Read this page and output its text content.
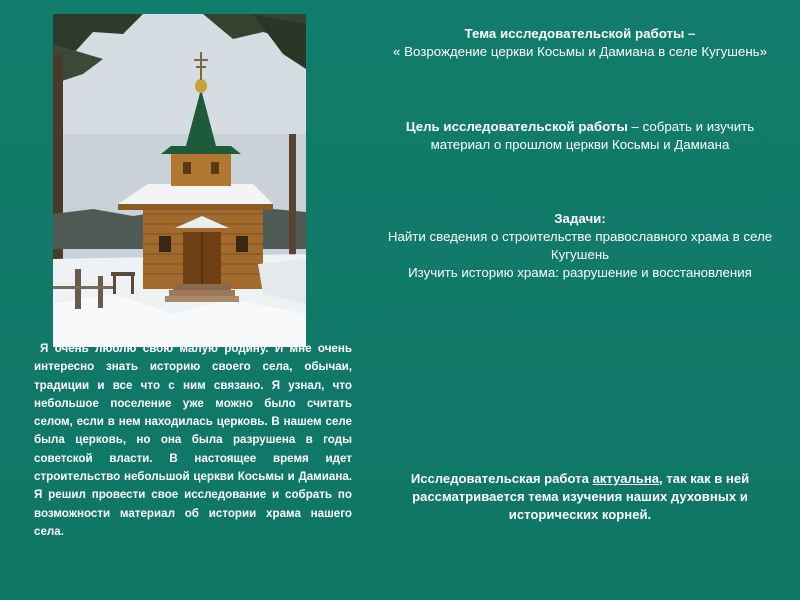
Я очень люблю свою малую родину. И мне очень интересно знать историю своего села, обычаи, традиции и все что с ним связано. Я узнал, что небольшое поселение уже можно было считать селом, если в нем находилась церковь. В нашем селе была церковь, но она была разрушена в годы советской власти. В настоящее время идет строительство небольшой церкви Косьмы и Дамиана. Я решил провести свое исследование и собрать по возможности материал об истории храма нашего села.
Тема исследовательской работы –
« Возрождение церкви Косьмы и Дамиана в селе Кугушень»
Цель исследовательской работы – собрать и изучить материал о прошлом церкви Косьмы и Дамиана
Задачи:
Найти сведения о строительстве православного храма в селе Кугушень
Изучить историю храма: разрушение и восстановления
Исследовательская работа актуальна, так как в ней рассматривается тема изучения наших духовных и исторических корней.
